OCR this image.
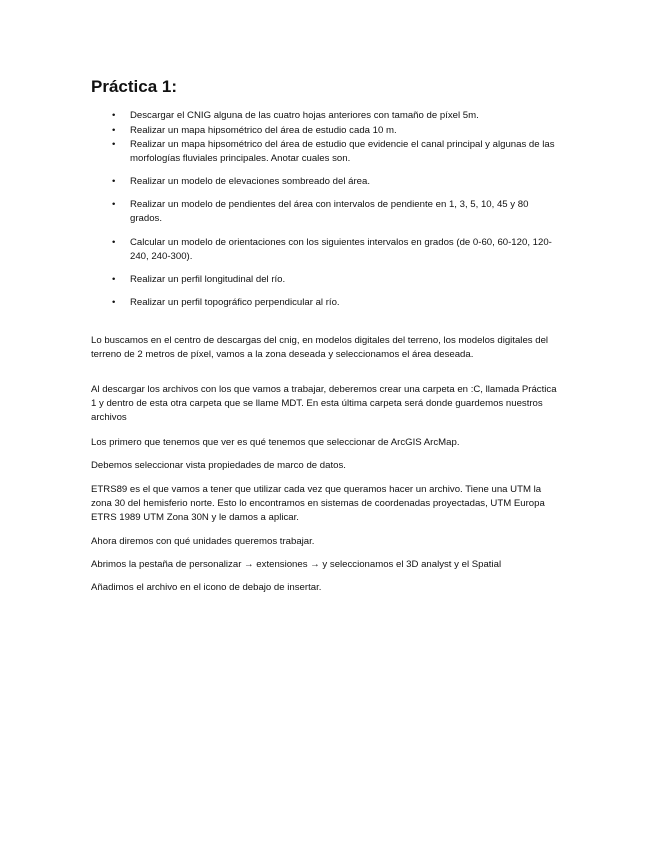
Práctica 1:
• Descargar el CNIG alguna de las cuatro hojas anteriores con tamaño de píxel 5m.
• Realizar un mapa hipsométrico del área de estudio cada 10 m.
• Realizar un mapa hipsométrico del área de estudio que evidencie el canal principal y algunas de las morfologías fluviales principales. Anotar cuales son.
• Realizar un modelo de elevaciones sombreado del área.
• Realizar un modelo de pendientes del área con intervalos de pendiente en 1, 3, 5, 10, 45 y 80 grados.
• Calcular un modelo de orientaciones con los siguientes intervalos en grados (de 0-60, 60-120, 120-240, 240-300).
• Realizar un perfil longitudinal del río.
• Realizar un perfil topográfico perpendicular al río.
Lo buscamos en el centro de descargas del cnig, en modelos digitales del terreno, los modelos digitales del terreno de 2 metros de píxel, vamos a la zona deseada y seleccionamos el área deseada.
Al descargar los archivos con los que vamos a trabajar, deberemos crear una carpeta en :C, llamada Práctica 1 y dentro de esta otra carpeta que se llame MDT. En esta última carpeta será donde guardemos nuestros archivos
Los primero que tenemos que ver es qué tenemos que seleccionar de ArcGIS ArcMap.
Debemos seleccionar vista propiedades de marco de datos.
ETRS89 es el que vamos a tener que utilizar cada vez que queramos hacer un archivo. Tiene una UTM la zona 30 del hemisferio norte. Esto lo encontramos en sistemas de coordenadas proyectadas, UTM Europa ETRS 1989 UTM Zona 30N y le damos a aplicar.
Ahora diremos con qué unidades queremos trabajar.
Abrimos la pestaña de personalizar → extensiones → y seleccionamos el 3D analyst y el Spatial
Añadimos el archivo en el icono de debajo de insertar.
